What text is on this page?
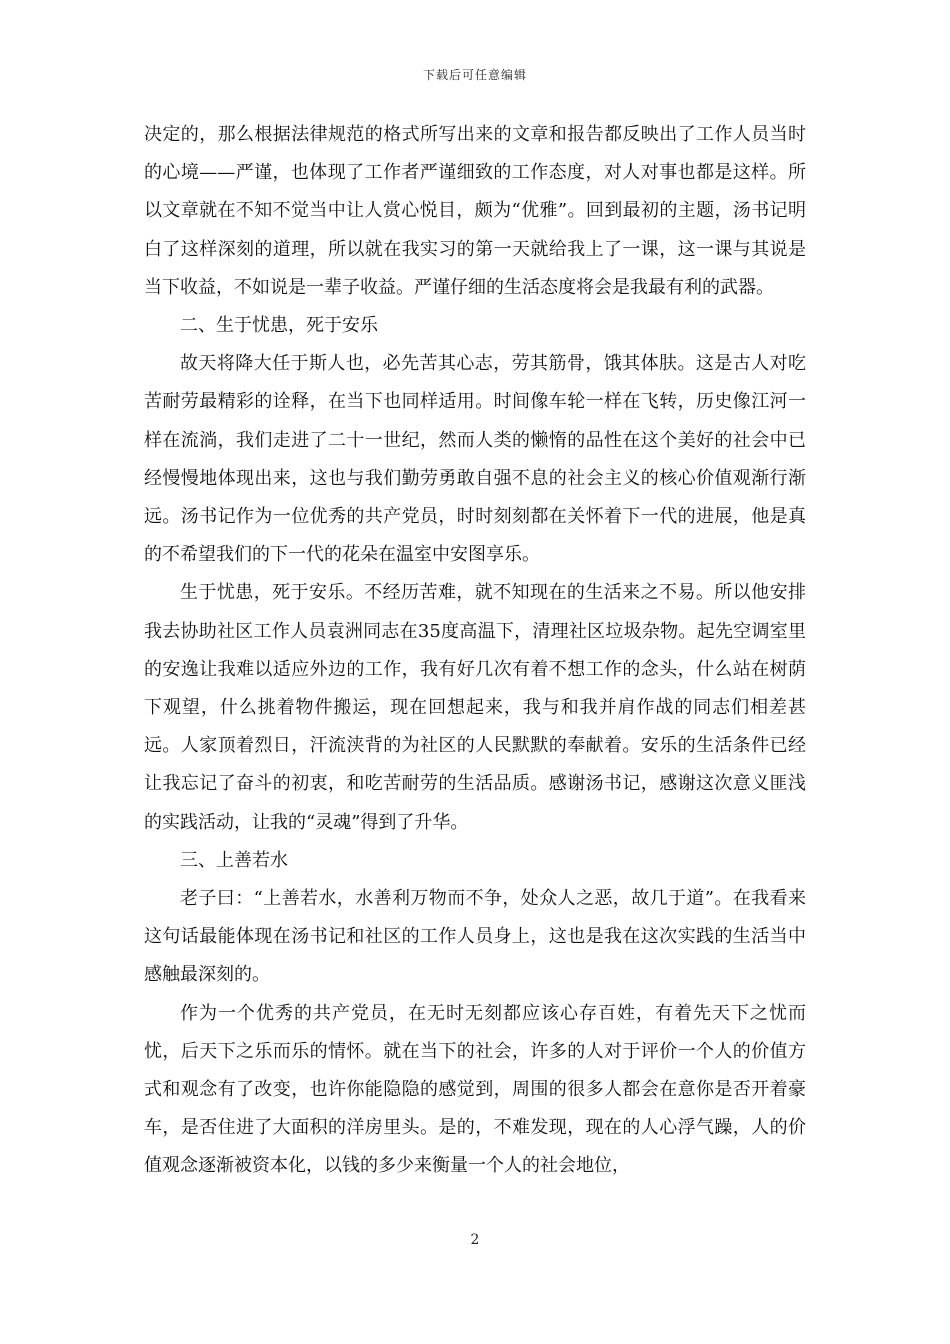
下载后可任意编辑

决定的，那么根据法律规范的格式所写出来的文章和报告都反映出了工作人员当时的心境——严谨，也体现了工作者严谨细致的工作态度，对人对事也都是这样。所以文章就在不知不觉当中让人赏心悦目，颇为“优雅”。回到最初的主题，汤书记明白了这样深刻的道理，所以就在我实习的第一天就给我上了一课，这一课与其说是当下收益，不如说是一辈子收益。严谨仔细的生活态度将会是我最有利的武器。

二、生于忧患，死于安乐

故天将降大任于斯人也，必先苦其心志，劳其筋骨，饿其体肤。这是古人对吃苦耐劳最精彩的诠释，在当下也同样适用。时间像车轮一样在飞转，历史像江河一样在流淌，我们走进了二十一世纪，然而人类的懒惰的品性在这个美好的社会中已经慢慢地体现出来，这也与我们勤劳勇敢自强不息的社会主义的核心价值观渐行渐远。汤书记作为一位优秀的共产党员，时时刻刻都在关怀着下一代的进展，他是真的不希望我们的下一代的花朵在温室中安图享乐。

生于忧患，死于安乐。不经历苦难，就不知现在的生活来之不易。所以他安排我去协助社区工作人员袁洲同志在35度高温下，清理社区垃圾杂物。起先空调室里的安逸让我难以适应外边的工作，我有好几次有着不想工作的念头，什么站在树荫下观望，什么挑着物件搬运，现在回想起来，我与和我并肩作战的同志们相差甚远。人家顶着烈日，汗流浃背的为社区的人民默默的奉献着。安乐的生活条件已经让我忘记了奋斗的初衷，和吃苦耐劳的生活品质。感谢汤书记，感谢这次意义匪浅的实践活动，让我的“灵魂”得到了升华。

三、上善若水

老子曰：“上善若水，水善利万物而不争，处众人之恶，故几于道”。在我看来这句话最能体现在汤书记和社区的工作人员身上，这也是我在这次实践的生活当中感触最深刻的。

作为一个优秀的共产党员，在无时无刻都应该心存百姓，有着先天下之忧而忧，后天下之乐而乐的情怀。就在当下的社会，许多的人对于评价一个人的价值方式和观念有了改变，也许你能隐隐的感觉到，周围的很多人都会在意你是否开着豪车，是否住进了大面积的洋房里头。是的，不难发现，现在的人心浮气躁，人的价值观念逐渐被资本化，以钱的多少来衡量一个人的社会地位，

2
